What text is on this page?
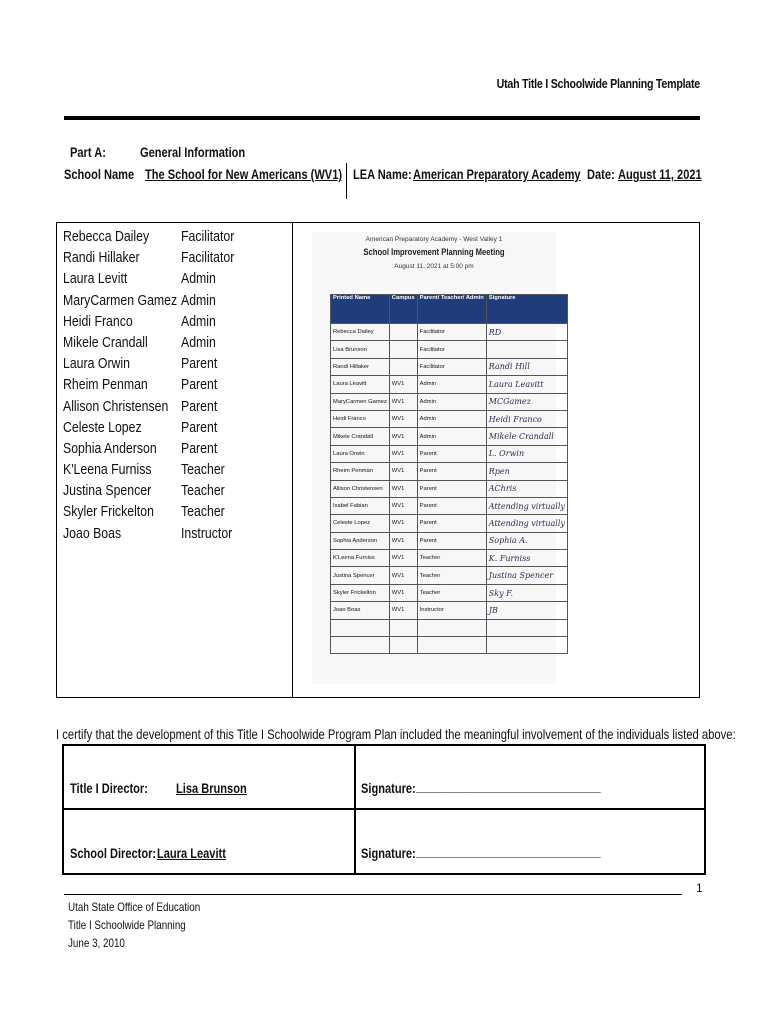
Utah Title I Schoolwide Planning Template
Part A:	General Information
School Name The School for New Americans (WV1) LEA Name: American Preparatory Academy Date: August 11, 2021
Rebecca Dailey Facilitator
Randi Hillaker	Facilitator
Laura Levitt	Admin
MaryCarmen Gamez Admin
Heidi Franco	Admin
Mikele Crandall Admin
Laura Orwin	Parent
Rheim Penman Parent
Allison Christensen Parent
Celeste Lopez	Parent
Sophia Anderson Parent
K'Leena Furniss Teacher
Justina Spencer Teacher
Skyler Frickelton Teacher
Joao Boas	Instructor
American Preparatory Academy - West Valley 1
School Improvement Planning Meeting
August 11, 2021 at 5:00 pm
Printed Name	Campus	Parent/ Teacher/ Admin	Signature
Rebecca Dailey		Facilitator	RD
Lisa Brunson		Facilitator	
Randi Hillaker		Facilitator	Randi Hill
Laura Leavitt	WV1	Admin	Laura Leavitt
MaryCarmen Gamez	WV1	Admin	MCGamez
Heidi Franco	WV1	Admin	Heidi Franco
Mikele Crandall	WV1	Admin	Mikele Crandall
Laura Orwin	WV1	Parent	L. Orwin
Rheim Penman	WV1	Parent	Rpen
Allison Christensen	WV1	Parent	AChris
Isabel Fabian	WV1	Parent	Attending virtually
Celeste Lopez	WV1	Parent	Attending virtually
Sophia Anderson	WV1	Parent	Sophia A.
K'Leena Furniss	WV1	Teacher	K. Furniss
Justina Spencer	WV1	Teacher	Justina Spencer
Skyler Frickelton	WV1	Teacher	Sky F.
Joao Boas	WV1	Instructor	JB

I certify that the development of this Title I Schoolwide Program Plan included the meaningful involvement of the individuals listed above:
Title I Director: Lisa Brunson	Signature: ______________________________
School Director: Laura Leavitt	Signature: ______________________________
1
Utah State Office of Education
Title I Schoolwide Planning
June 3, 2010
